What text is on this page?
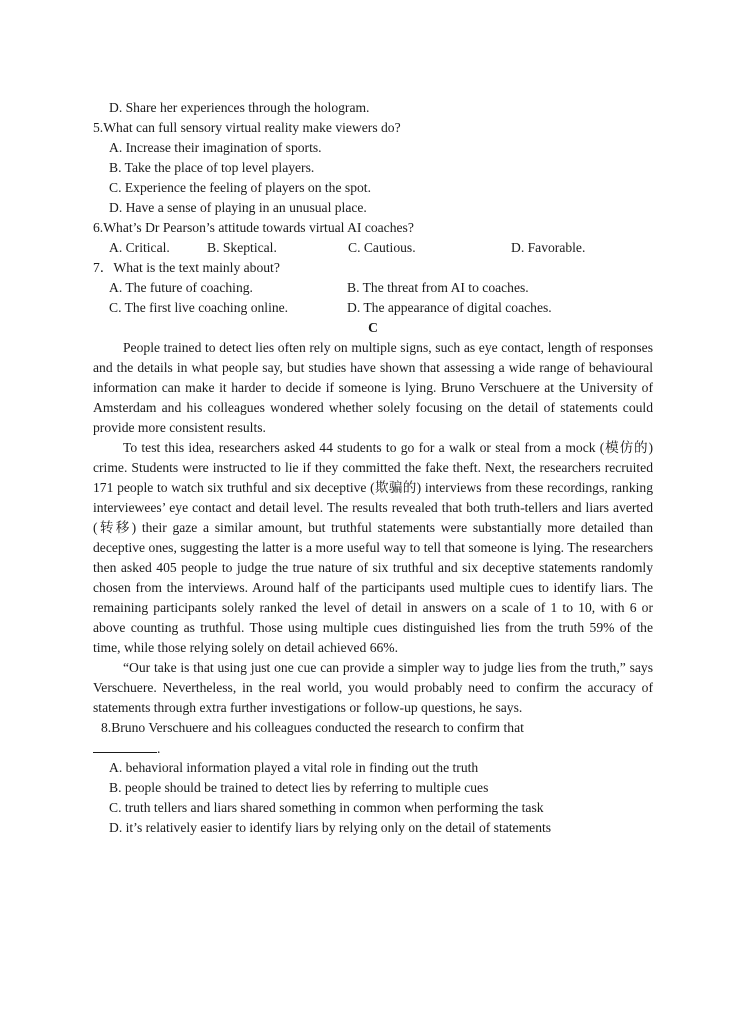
D. Share her experiences through the hologram.
5.What can full sensory virtual reality make viewers do?
A. Increase their imagination of sports.
B. Take the place of top level players.
C. Experience the feeling of players on the spot.
D. Have a sense of playing in an unusual place.
6.What’s Dr Pearson’s attitude towards virtual AI coaches?
A. Critical.	B. Skeptical.	C. Cautious.	D. Favorable.
7．What is the text mainly about?
A. The future of coaching.	B. The threat from AI to coaches.
C. The first live coaching online.	D. The appearance of digital coaches.
C
People trained to detect lies often rely on multiple signs, such as eye contact, length of responses and the details in what people say, but studies have shown that assessing a wide range of behavioural information can make it harder to decide if someone is lying. Bruno Verschuere at the University of Amsterdam and his colleagues wondered whether solely focusing on the detail of statements could provide more consistent results.
To test this idea, researchers asked 44 students to go for a walk or steal from a mock (模仿的) crime. Students were instructed to lie if they committed the fake theft. Next, the researchers recruited 171 people to watch six truthful and six deceptive (欺骗的) interviews from these recordings, ranking interviewees’ eye contact and detail level. The results revealed that both truth-tellers and liars averted (转移) their gaze a similar amount, but truthful statements were substantially more detailed than deceptive ones, suggesting the latter is a more useful way to tell that someone is lying. The researchers then asked 405 people to judge the true nature of six truthful and six deceptive statements randomly chosen from the interviews. Around half of the participants used multiple cues to identify liars. The remaining participants solely ranked the level of detail in answers on a scale of 1 to 10, with 6 or above counting as truthful. Those using multiple cues distinguished lies from the truth 59% of the time, while those relying solely on detail achieved 66%.
“Our take is that using just one cue can provide a simpler way to judge lies from the truth,” says Verschuere. Nevertheless, in the real world, you would probably need to confirm the accuracy of statements through extra further investigations or follow-up questions, he says.
8.Bruno Verschuere and his colleagues conducted the research to confirm that
.
A. behavioral information played a vital role in finding out the truth
B. people should be trained to detect lies by referring to multiple cues
C. truth tellers and liars shared something in common when performing the task
D. it’s relatively easier to identify liars by relying only on the detail of statements
